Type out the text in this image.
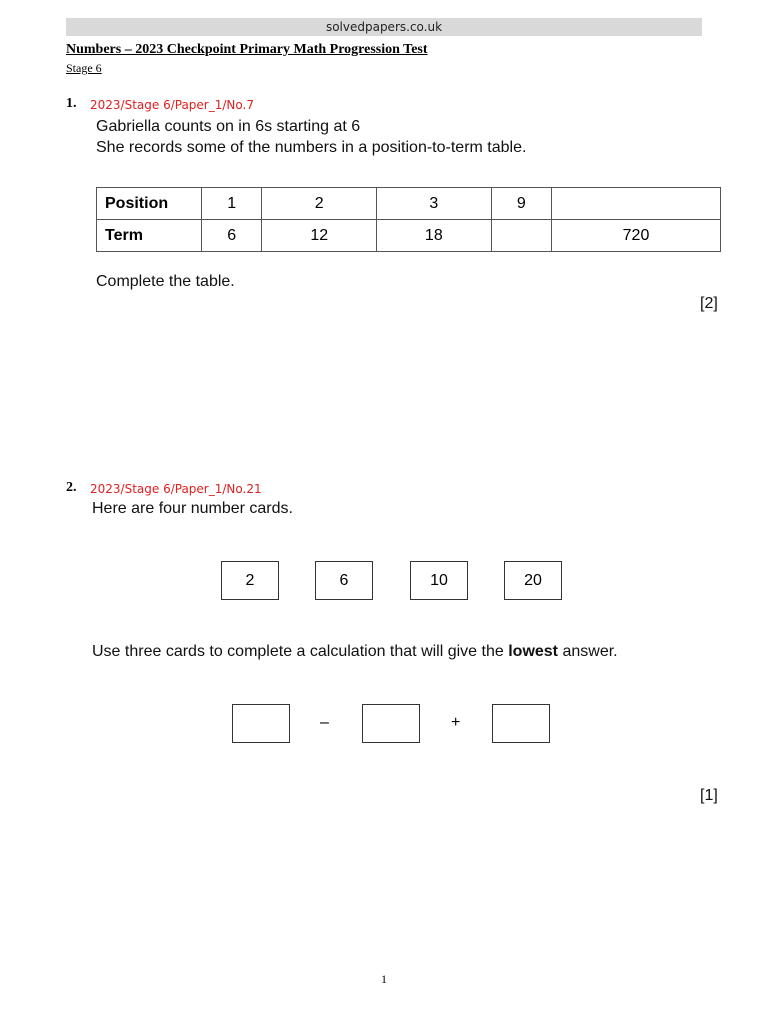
solvedpapers.co.uk
Numbers – 2023 Checkpoint Primary Math Progression Test
Stage 6
1. 2023/Stage 6/Paper_1/No.7
Gabriella counts on in 6s starting at 6
She records some of the numbers in a position-to-term table.
Position	1	2	3	9	
Term	6	12	18		720
Complete the table.
[2]
2. 2023/Stage 6/Paper_1/No.21
Here are four number cards.
2	6	10	20
Use three cards to complete a calculation that will give the lowest answer.
–	+
[1]
1
